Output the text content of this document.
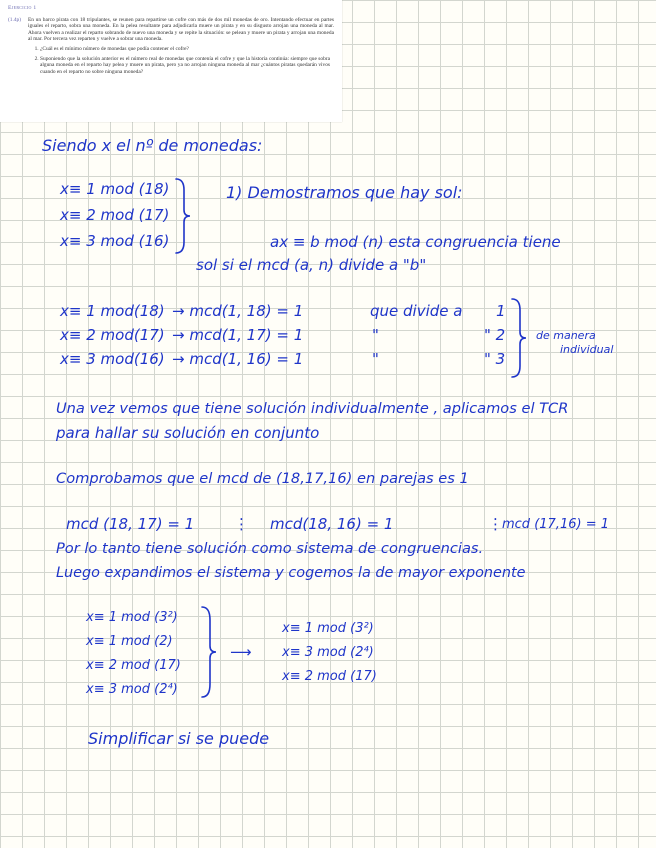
Ejercicio 1
(1.4p)	En un barco pirata con 18 tripulantes, se reunen para repartirse un cofre con más de dos mil monedas de oro. Intentando efectuar en partes iguales el reparto, sobra una moneda. En la pelea resultante para adjudicarla muere un pirata y en su disgusto arrojan una moneda al mar. Ahora vuelven a realizar el reparto sobrando de nuevo una moneda y se repite la situación: se pelean y muere un pirata y arrojan una moneda al mar. Por tercera vez reparten y vuelve a sobrar una moneda.
1. ¿Cuál es el mínimo número de monedas que podía contener el cofre?
2. Suponiendo que la solución anterior es el número real de monedas que contenía el cofre y que la historia continúa: siempre que sobra alguna moneda en el reparto hay pelea y muere un pirata, pero ya no arrojan ninguna moneda al mar ¿cuántos piratas quedarán vivos cuando en el reparto no sobre ninguna moneda?
Siendo x el nº de monedas:
x≡ 1 mod (18)
x≡ 2 mod (17)
x≡ 3 mod (16)
1) Demostramos que hay sol:
ax ≡ b mod (n) esta congruencia tiene
sol si el mcd (a, n) divide a "b"
x≡ 1 mod(18) → mcd(1, 18) = 1	que divide a 1
x≡ 2 mod(17) → mcd(1, 17) = 1	"	" 2
x≡ 3 mod(16) → mcd(1, 16) = 1	"	" 3
de manera
individual
Una vez vemos que tiene solución individualmente , aplicamos el TCR
para hallar su solución en conjunto
Comprobamos que el mcd de (18,17,16) en parejas es 1
mcd (18, 17) = 1	⋮ mcd(18, 16) = 1	⋮ mcd (17,16) = 1
Por lo tanto tiene solución como sistema de congruencias.
Luego expandimos el sistema y cogemos la de mayor exponente
x≡ 1 mod (3²)
x≡ 1 mod (2)
x≡ 2 mod (17)
x≡ 3 mod (2⁴)
⟶
x≡ 1 mod (3²)
x≡ 3 mod (2⁴)
x≡ 2 mod (17)
Simplificar si se puede
